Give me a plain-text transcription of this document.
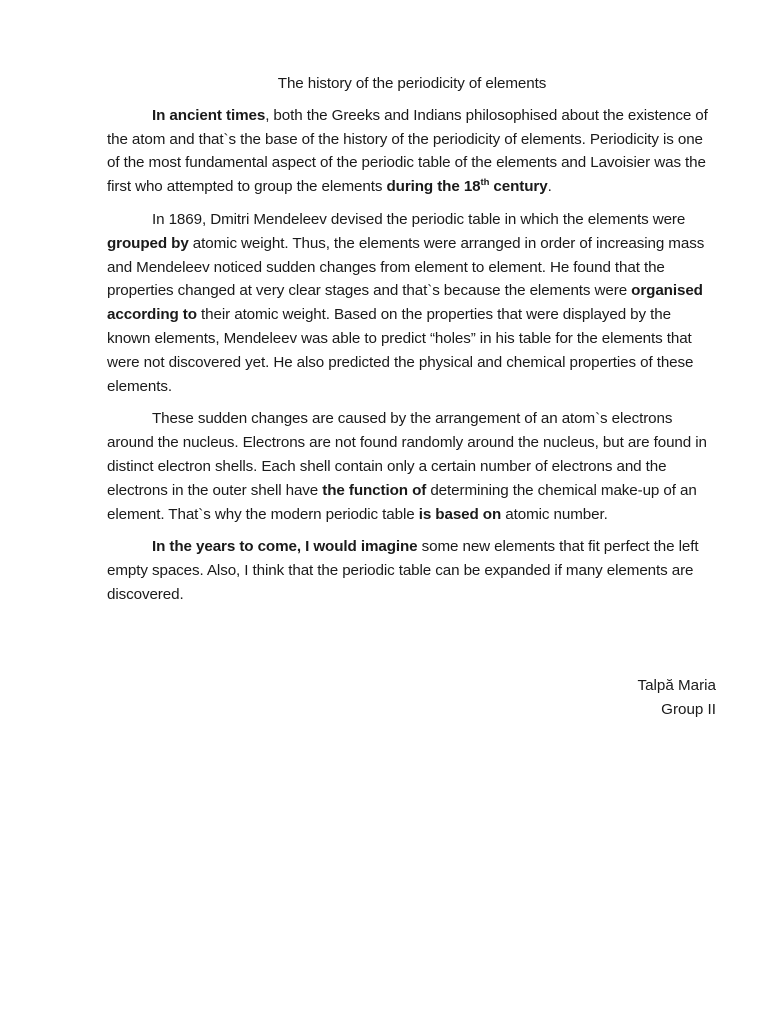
The history of the periodicity of elements

In ancient times, both the Greeks and Indians philosophised about the existence of the atom and that`s the base of the history of the periodicity of elements. Periodicity is one of the most fundamental aspect of the periodic table of the elements and Lavoisier was the first who attempted to group the elements during the 18th century.

In 1869, Dmitri Mendeleev devised the periodic table in which the elements were grouped by atomic weight. Thus, the elements were arranged in order of increasing mass and Mendeleev noticed sudden changes from element to element. He found that the properties changed at very clear stages and that`s because the elements were organised according to their atomic weight. Based on the properties that were displayed by the known elements, Mendeleev was able to predict “holes” in his table for the elements that were not discovered yet. He also predicted the physical and chemical properties of these elements.

These sudden changes are caused by the arrangement of an atom`s electrons around the nucleus. Electrons are not found randomly around the nucleus, but are found in distinct electron shells. Each shell contain only a certain number of electrons and the electrons in the outer shell have the function of determining the chemical make-up of an element. That`s why the modern periodic table is based on atomic number.

In the years to come, I would imagine some new elements that fit perfect the left empty spaces. Also, I think that the periodic table can be expanded if many elements are discovered.

Talpă Maria
Group II
